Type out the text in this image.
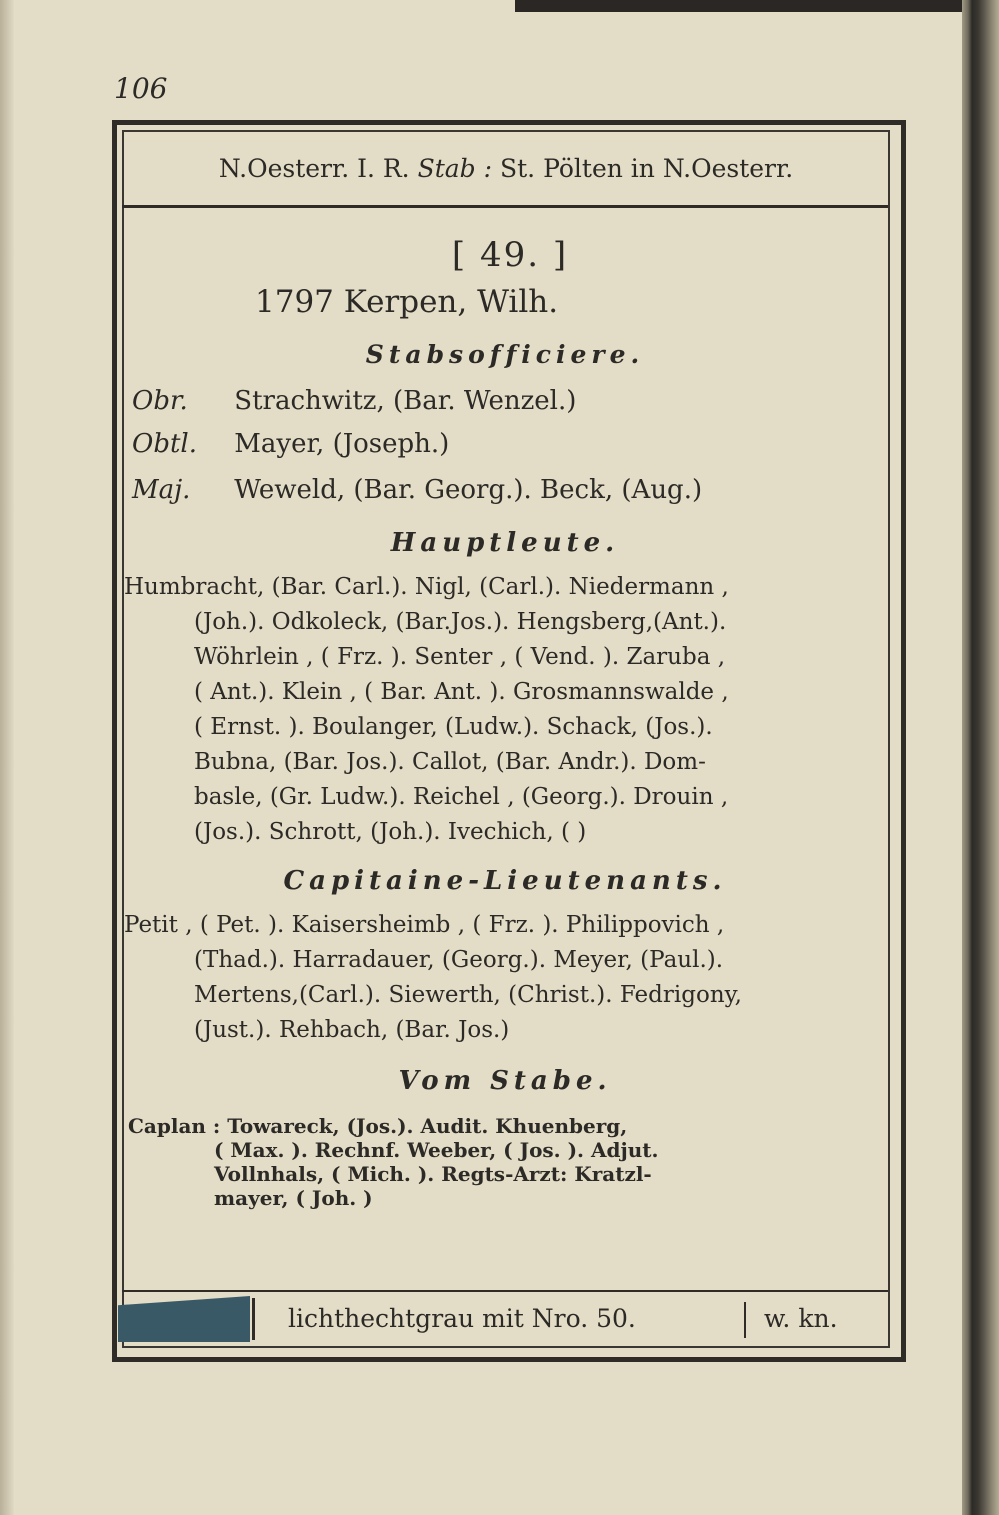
106
N.Oesterr. I. R. Stab : St. Pölten in N.Oesterr.
[ 49. ]
1797 Kerpen, Wilh.
Stabsofficiere.
Obr. Strachwitz, (Bar. Wenzel.)
Obtl. Mayer, (Joseph.)
Maj. Weweld, (Bar. Georg.). Beck, (Aug.)
Hauptleute.
Humbracht, (Bar. Carl.). Nigl, (Carl.). Niedermann ,
(Joh.). Odkoleck, (Bar.Jos.). Hengsberg,(Ant.).
Wöhrlein , ( Frz. ). Senter , ( Vend. ). Zaruba ,
( Ant.). Klein , ( Bar. Ant. ). Grosmannswalde ,
( Ernst. ). Boulanger, (Ludw.). Schack, (Jos.).
Bubna, (Bar. Jos.). Callot, (Bar. Andr.). Dom-
basle, (Gr. Ludw.). Reichel , (Georg.). Drouin ,
(Jos.). Schrott, (Joh.). Ivechich, ( )
Capitaine-Lieutenants.
Petit , ( Pet. ). Kaisersheimb , ( Frz. ). Philippovich ,
(Thad.). Harradauer, (Georg.). Meyer, (Paul.).
Mertens,(Carl.). Siewerth, (Christ.). Fedrigony,
(Just.). Rehbach, (Bar. Jos.)
Vom Stabe.
Caplan : Towareck, (Jos.). Audit. Khuenberg,
( Max. ). Rechnf. Weeber, ( Jos. ). Adjut.
Vollnhals, ( Mich. ). Regts-Arzt: Kratzl-
mayer, ( Joh. )
lichthechtgrau mit Nro. 50.	w. kn.
